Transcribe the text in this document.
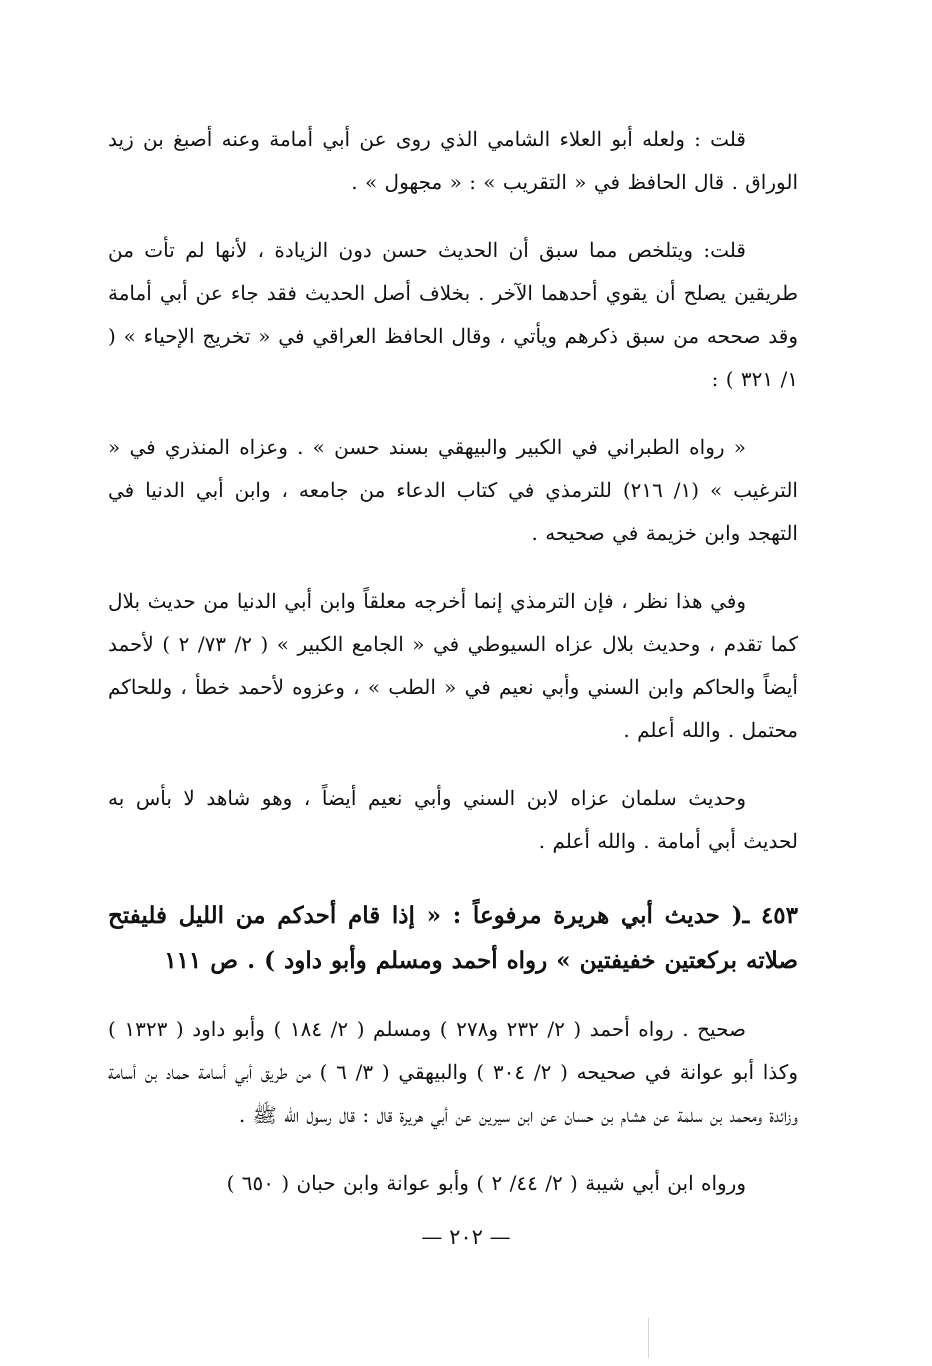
قلت : ولعله أبو العلاء الشامي الذي روى عن أبي أمامة وعنه أصبغ بن زيد الوراق . قال الحافظ في « التقريب » : « مجهول » .

قلت: ويتلخص مما سبق أن الحديث حسن دون الزيادة ، لأنها لم تأت من طريقين يصلح أن يقوي أحدهما الآخر . بخلاف أصل الحديث فقد جاء عن أبي أمامة وقد صححه من سبق ذكرهم ويأتي ، وقال الحافظ العراقي في « تخريج الإحياء » ( ١/ ٣٢١ ) :

« رواه الطبراني في الكبير والبيهقي بسند حسن » . وعزاه المنذري في « الترغيب » (١/ ٢١٦) للترمذي في كتاب الدعاء من جامعه ، وابن أبي الدنيا في التهجد وابن خزيمة في صحيحه .

وفي هذا نظر ، فإن الترمذي إنما أخرجه معلقاً وابن أبي الدنيا من حديث بلال كما تقدم ، وحديث بلال عزاه السيوطي في « الجامع الكبير » ( ٢/ ٧٣/ ٢ ) لأحمد أيضاً والحاكم وابن السني وأبي نعيم في « الطب » ، وعزوه لأحمد خطأ ، وللحاكم محتمل . والله أعلم .

وحديث سلمان عزاه لابن السني وأبي نعيم أيضاً ، وهو شاهد لا بأس به لحديث أبي أمامة . والله أعلم .

٤٥٣ ـ( حديث أبي هريرة مرفوعاً : « إذا قام أحدكم من الليل فليفتح صلاته بركعتين خفيفتين » رواه أحمد ومسلم وأبو داود ) . ص ١١١

صحيح . رواه أحمد ( ٢/ ٢٣٢ و٢٧٨ ) ومسلم ( ٢/ ١٨٤ ) وأبو داود ( ١٣٢٣ ) وكذا أبو عوانة في صحيحه ( ٢/ ٣٠٤ ) والبيهقي ( ٣/ ٦ ) من طريق أبي أسامة حماد بن أسامة وزائدة ومحمد بن سلمة عن هشام بن حسان عن ابن سيرين عن أبي هريرة قال : قال رسول الله ﷺ .

ورواه ابن أبي شيبة ( ٢/ ٤٤/ ٢ ) وأبو عوانة وابن حبان ( ٦٥٠ )

— ٢٠٢ —
